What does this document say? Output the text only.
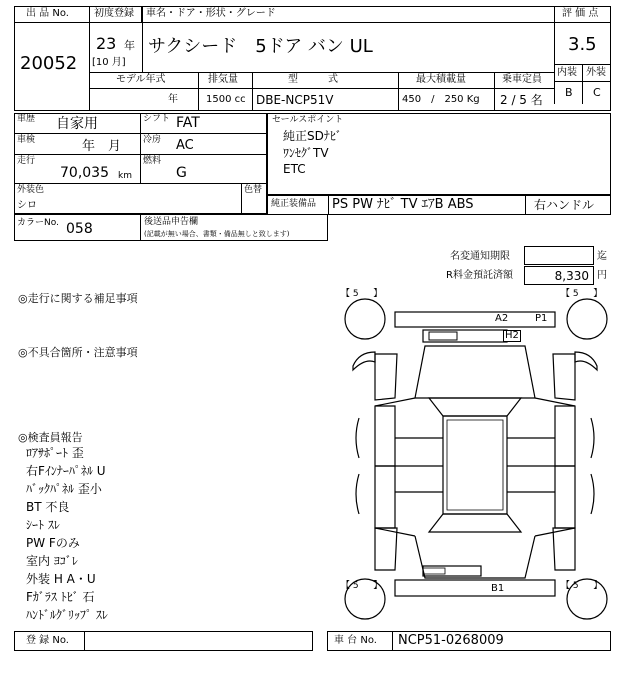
出 品 No.
20052
初度登録
23 年
[10 月]
車名・ドア・形状・グレード
サクシード　5ドア バン UL
評 価 点
3.5
内装 外装
B C
モデル年式
年
排気量
1500 cc
型　　　式
DBE-NCP51V
最大積載量
450　/　250 Kg
乗車定員
2 / 5 名
車歴 自家用	シフト FAT
車検	年　月 冷房 AC
走行
70,035 km
燃料
G
外装色
シロ
色替
カラーNo. 058	後送品申告欄
(記載が無い場合、書類・備品無しと致します)
セールスポイント
純正SDﾅﾋﾞ
ﾜﾝｾｸﾞTV
ETC
純正装備品 PS PW ﾅﾋﾞ TV ｴｱB ABS	右ハンドル
名変通知期限	迄
R料金預託済額	8,330 円
◎走行に関する補足事項
◎不具合箇所・注意事項
◎検査員報告
ﾛｱｻﾎﾟｰﾄ 歪
右Fｲﾝﾅｰﾊﾟﾈﾙ U
ﾊﾞｯｸﾊﾟﾈﾙ 歪小
BT 不良
ｼｰﾄ ｽﾚ
PW Fのみ
室内 ﾖｺﾞﾚ
外装 H A・U
Fｶﾞﾗｽ ﾄﾋﾞ 石
ﾊﾝﾄﾞﾙｸﾞﾘｯﾌﾟ ｽﾚ
【 5 　 】	【 5 　 】
【 5 　 】	【 5 　 】
A2	P1
H2
B1
登 録 No.	車 台 No. NCP51-0268009
